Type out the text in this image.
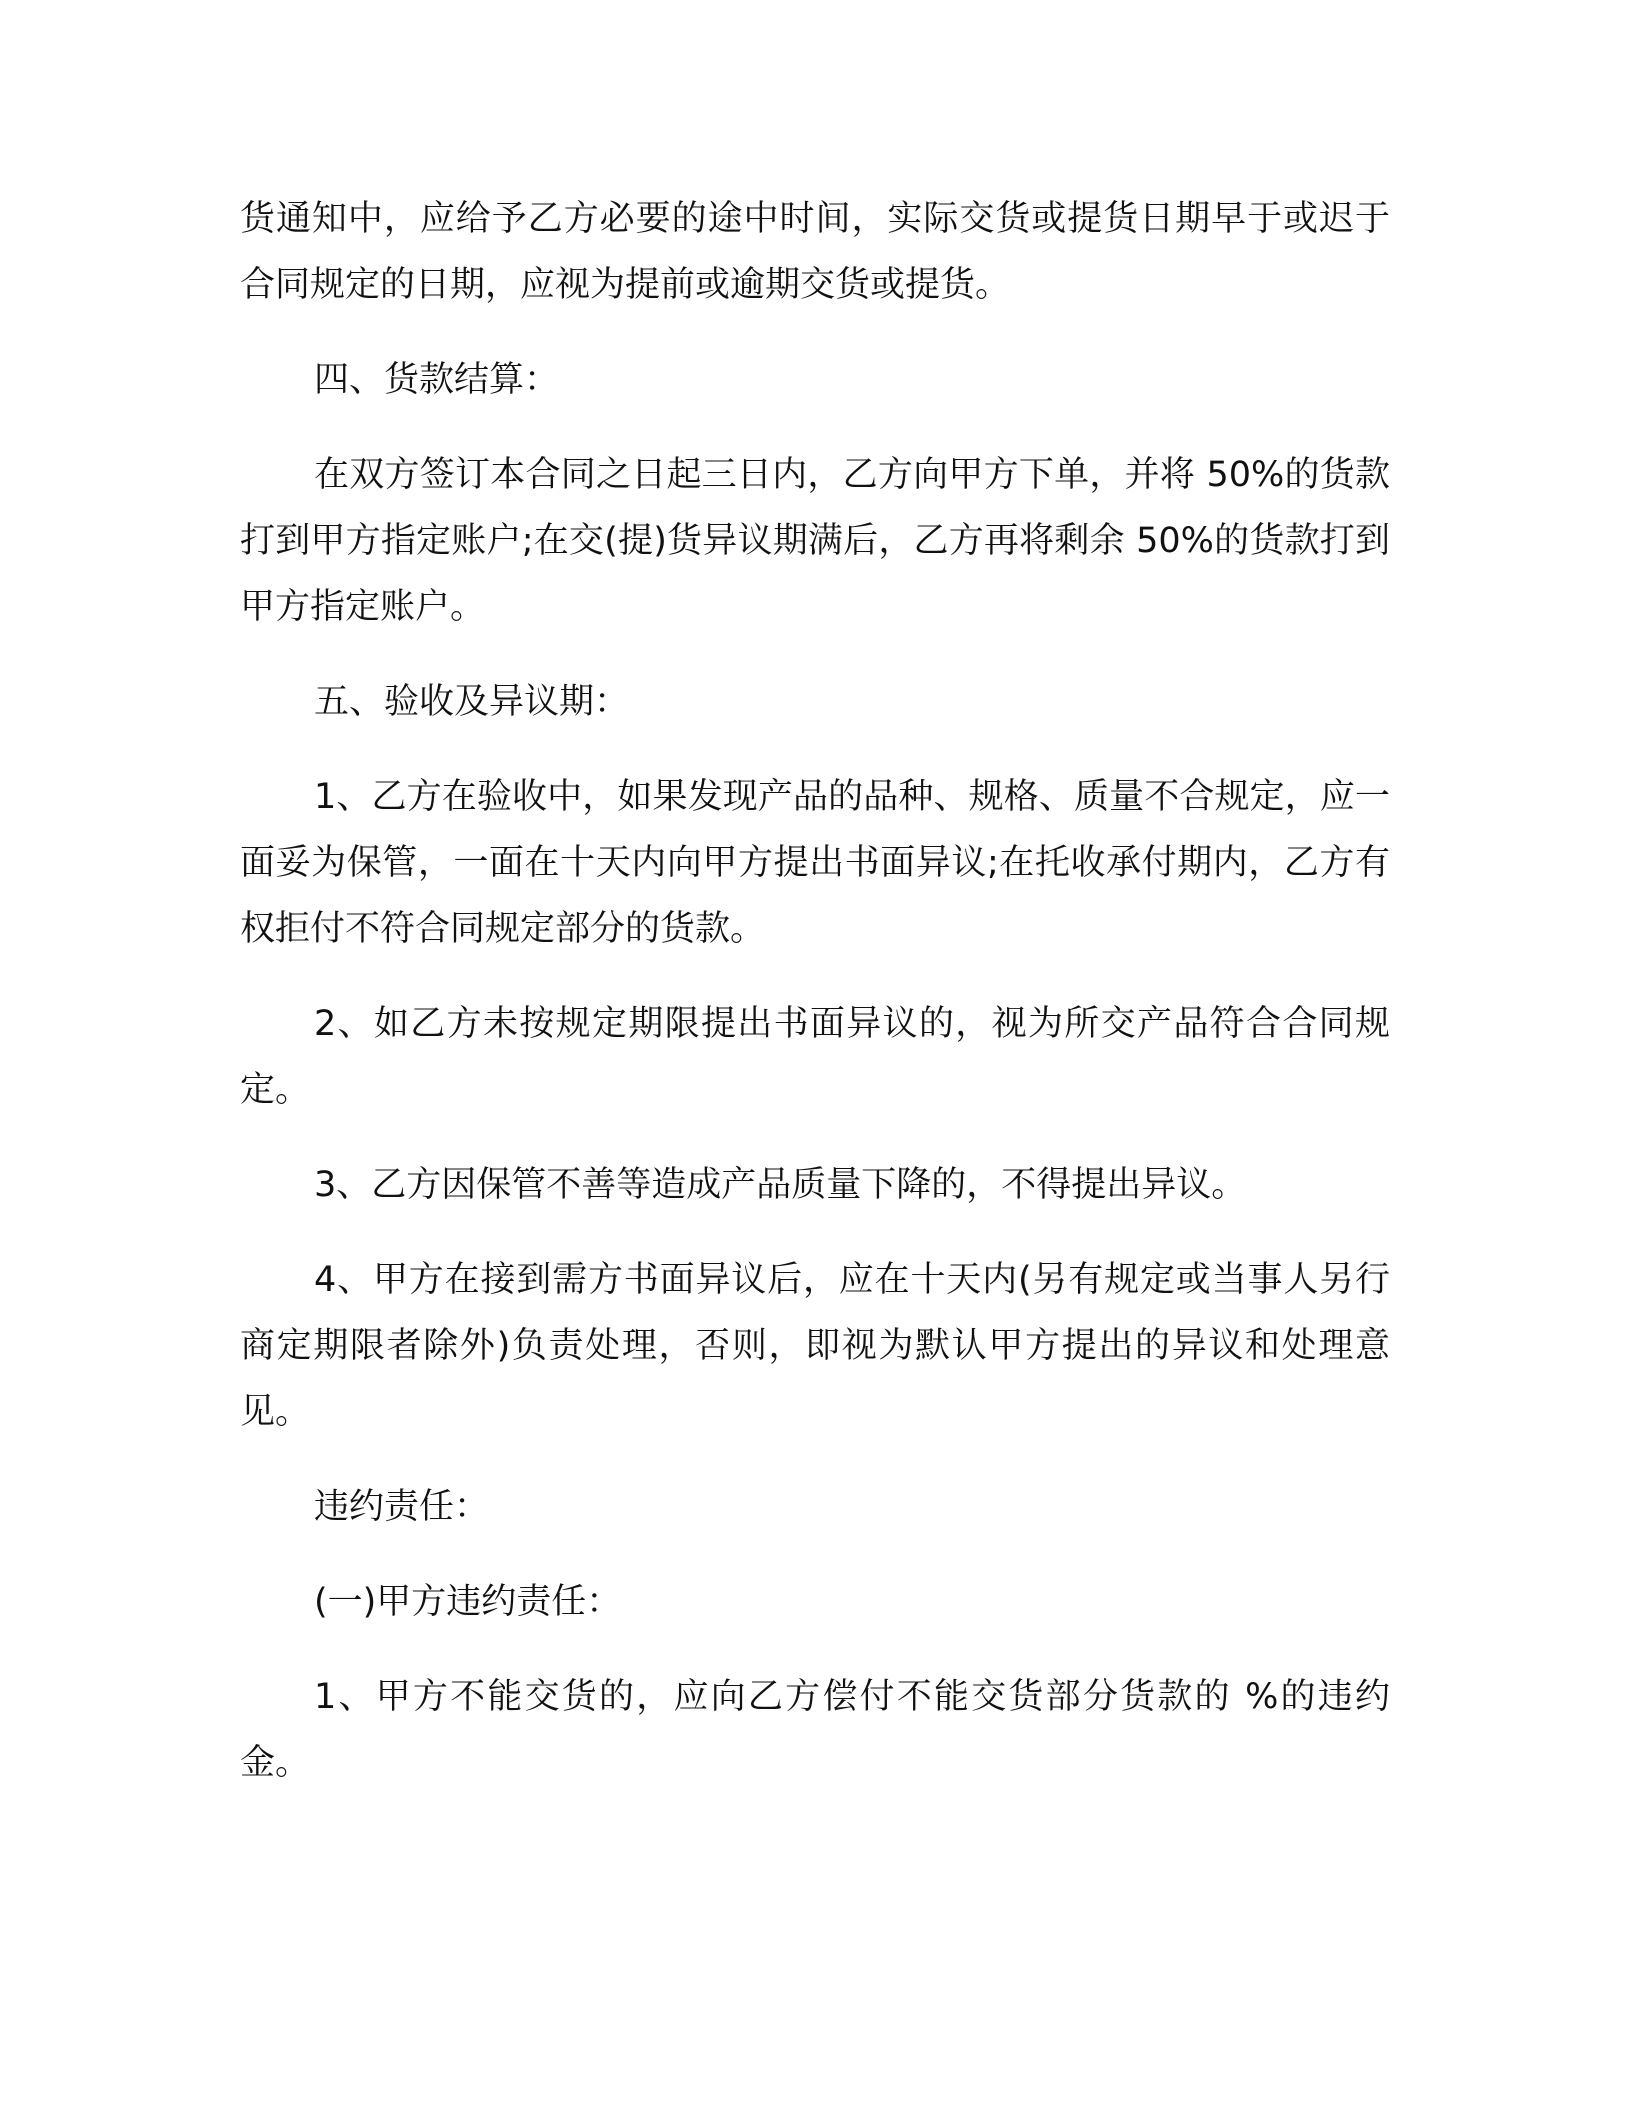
货通知中，应给予乙方必要的途中时间，实际交货或提货日期早于或迟于合同规定的日期，应视为提前或逾期交货或提货。

四、货款结算：

在双方签订本合同之日起三日内，乙方向甲方下单，并将 50%的货款打到甲方指定账户;在交(提)货异议期满后，乙方再将剩余 50%的货款打到甲方指定账户。

五、验收及异议期：

1、乙方在验收中，如果发现产品的品种、规格、质量不合规定，应一面妥为保管，一面在十天内向甲方提出书面异议;在托收承付期内，乙方有权拒付不符合同规定部分的货款。

2、如乙方未按规定期限提出书面异议的，视为所交产品符合合同规定。

3、乙方因保管不善等造成产品质量下降的，不得提出异议。

4、甲方在接到需方书面异议后，应在十天内(另有规定或当事人另行商定期限者除外)负责处理，否则，即视为默认甲方提出的异议和处理意见。

违约责任：

(一)甲方违约责任：

1、甲方不能交货的，应向乙方偿付不能交货部分货款的 %的违约金。
